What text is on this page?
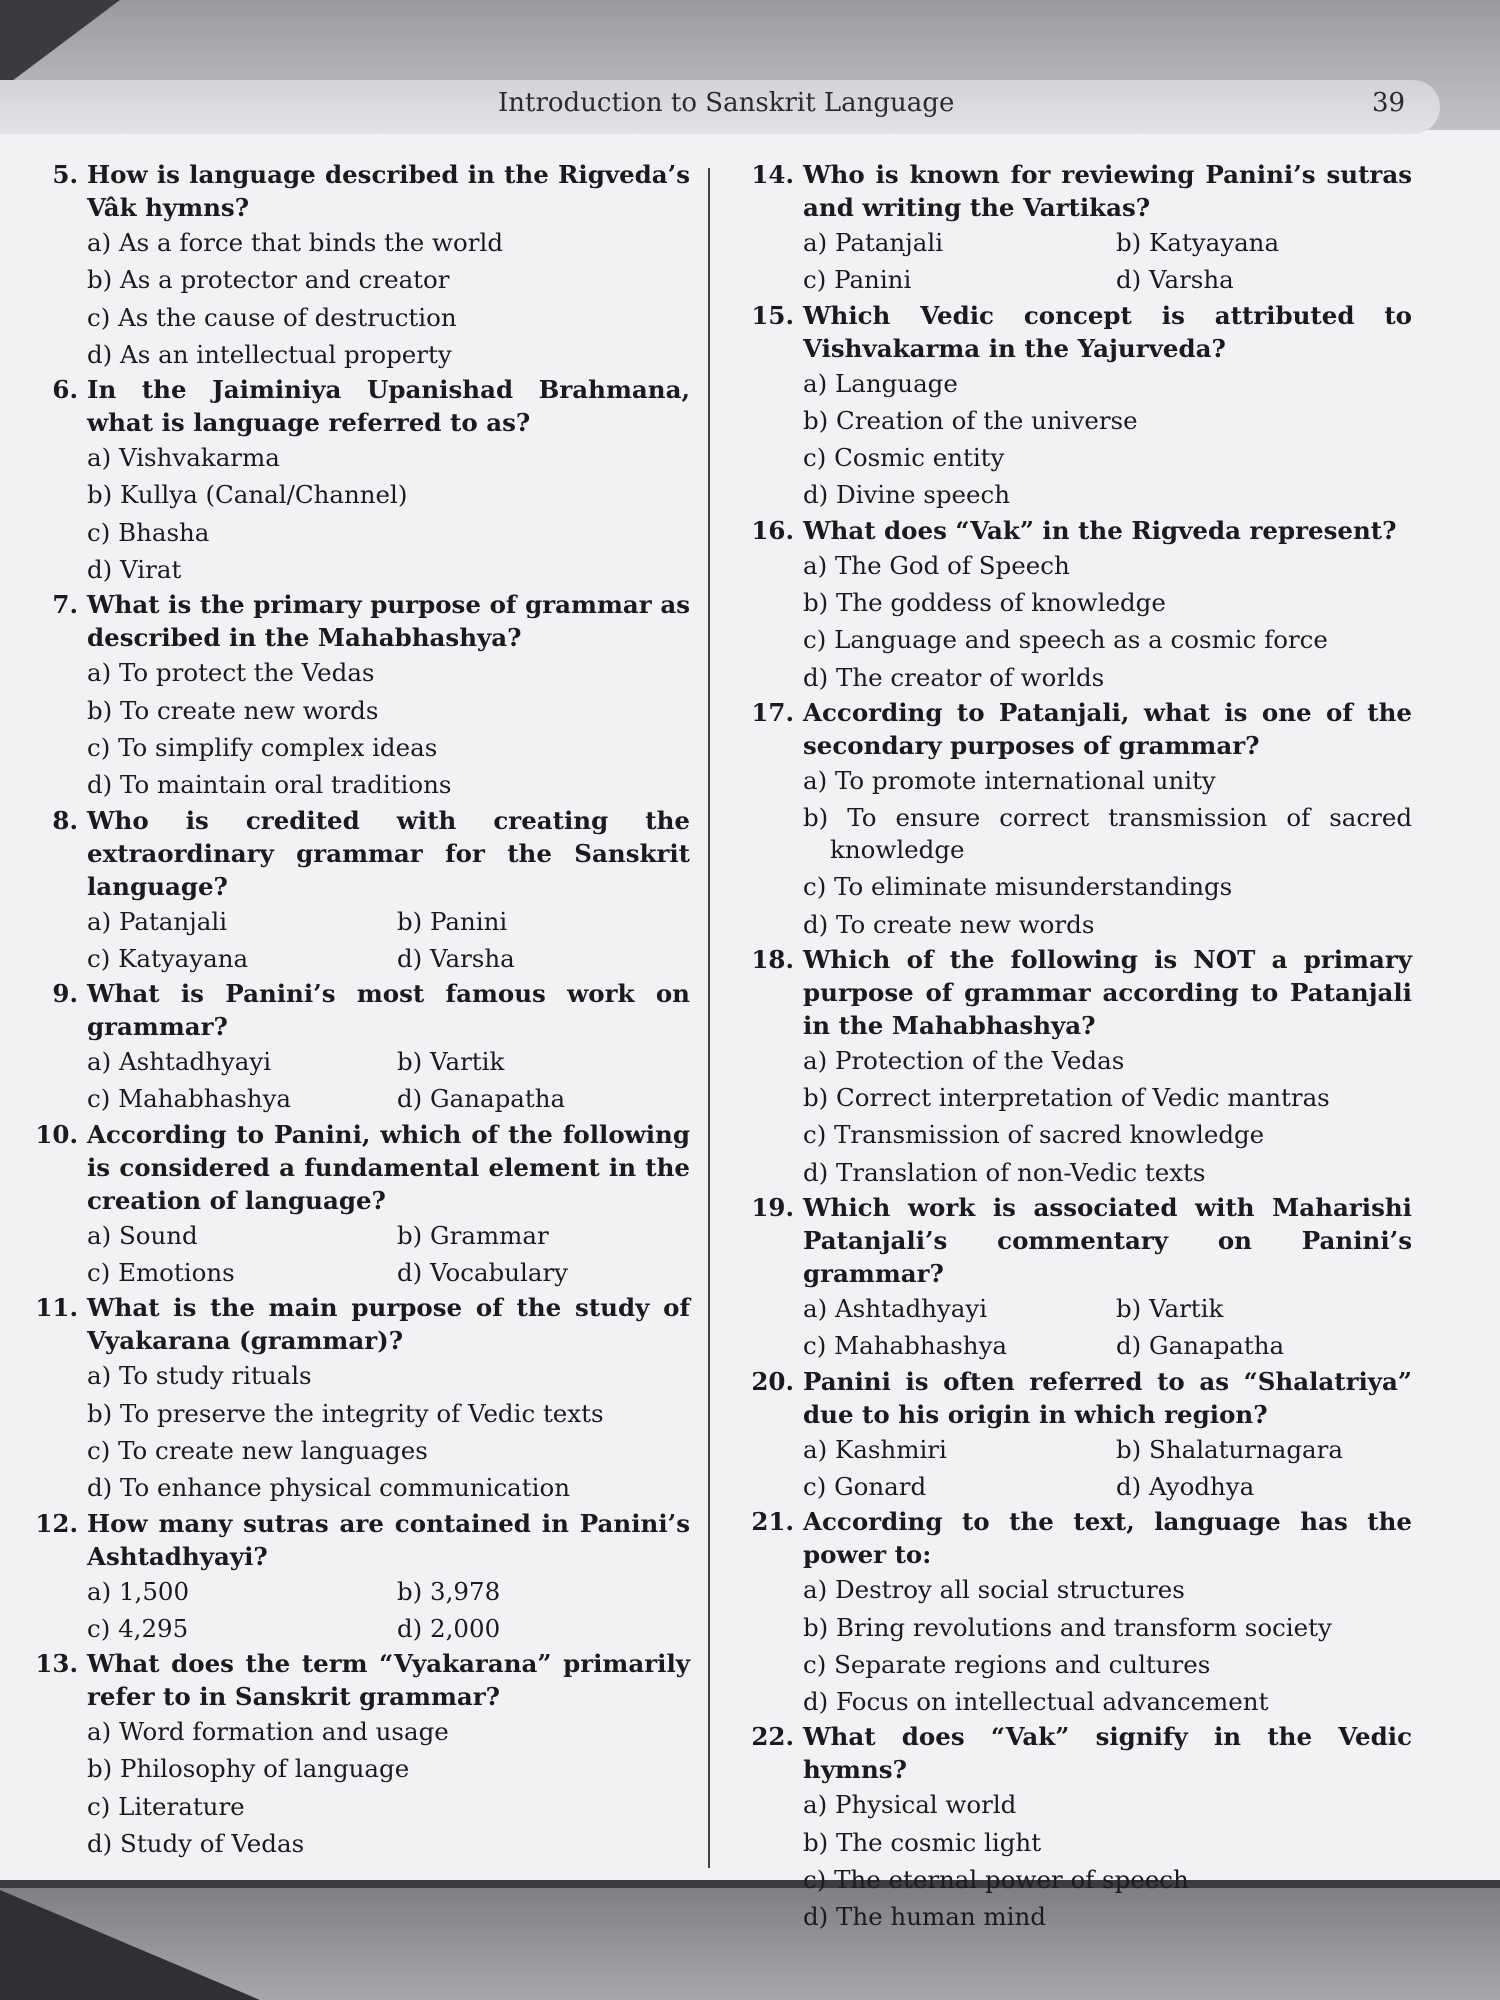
Introduction to Sanskrit Language	39
5. How is language described in the Rigveda’s Vâk hymns?
a) As a force that binds the world
b) As a protector and creator
c) As the cause of destruction
d) As an intellectual property
6. In the Jaiminiya Upanishad Brahmana, what is language referred to as?
a) Vishvakarma
b) Kullya (Canal/Channel)
c) Bhasha
d) Virat
7. What is the primary purpose of grammar as described in the Mahabhashya?
a) To protect the Vedas
b) To create new words
c) To simplify complex ideas
d) To maintain oral traditions
8. Who is credited with creating the extraordinary grammar for the Sanskrit language?
a) Patanjali	b) Panini
c) Katyayana	d) Varsha
9. What is Panini’s most famous work on grammar?
a) Ashtadhyayi	b) Vartik
c) Mahabhashya	d) Ganapatha
10. According to Panini, which of the following is considered a fundamental element in the creation of language?
a) Sound	b) Grammar
c) Emotions	d) Vocabulary
11. What is the main purpose of the study of Vyakarana (grammar)?
a) To study rituals
b) To preserve the integrity of Vedic texts
c) To create new languages
d) To enhance physical communication
12. How many sutras are contained in Panini’s Ashtadhyayi?
a) 1,500	b) 3,978
c) 4,295	d) 2,000
13. What does the term “Vyakarana” primarily refer to in Sanskrit grammar?
a) Word formation and usage
b) Philosophy of language
c) Literature
d) Study of Vedas
14. Who is known for reviewing Panini’s sutras and writing the Vartikas?
a) Patanjali	b) Katyayana
c) Panini	d) Varsha
15. Which Vedic concept is attributed to Vishvakarma in the Yajurveda?
a) Language
b) Creation of the universe
c) Cosmic entity
d) Divine speech
16. What does “Vak” in the Rigveda represent?
a) The God of Speech
b) The goddess of knowledge
c) Language and speech as a cosmic force
d) The creator of worlds
17. According to Patanjali, what is one of the secondary purposes of grammar?
a) To promote international unity
b) To ensure correct transmission of sacred knowledge
c) To eliminate misunderstandings
d) To create new words
18. Which of the following is NOT a primary purpose of grammar according to Patanjali in the Mahabhashya?
a) Protection of the Vedas
b) Correct interpretation of Vedic mantras
c) Transmission of sacred knowledge
d) Translation of non-Vedic texts
19. Which work is associated with Maharishi Patanjali’s commentary on Panini’s grammar?
a) Ashtadhyayi	b) Vartik
c) Mahabhashya	d) Ganapatha
20. Panini is often referred to as “Shalatriya” due to his origin in which region?
a) Kashmiri	b) Shalaturnagara
c) Gonard	d) Ayodhya
21. According to the text, language has the power to:
a) Destroy all social structures
b) Bring revolutions and transform society
c) Separate regions and cultures
d) Focus on intellectual advancement
22. What does “Vak” signify in the Vedic hymns?
a) Physical world
b) The cosmic light
c) The eternal power of speech
d) The human mind
